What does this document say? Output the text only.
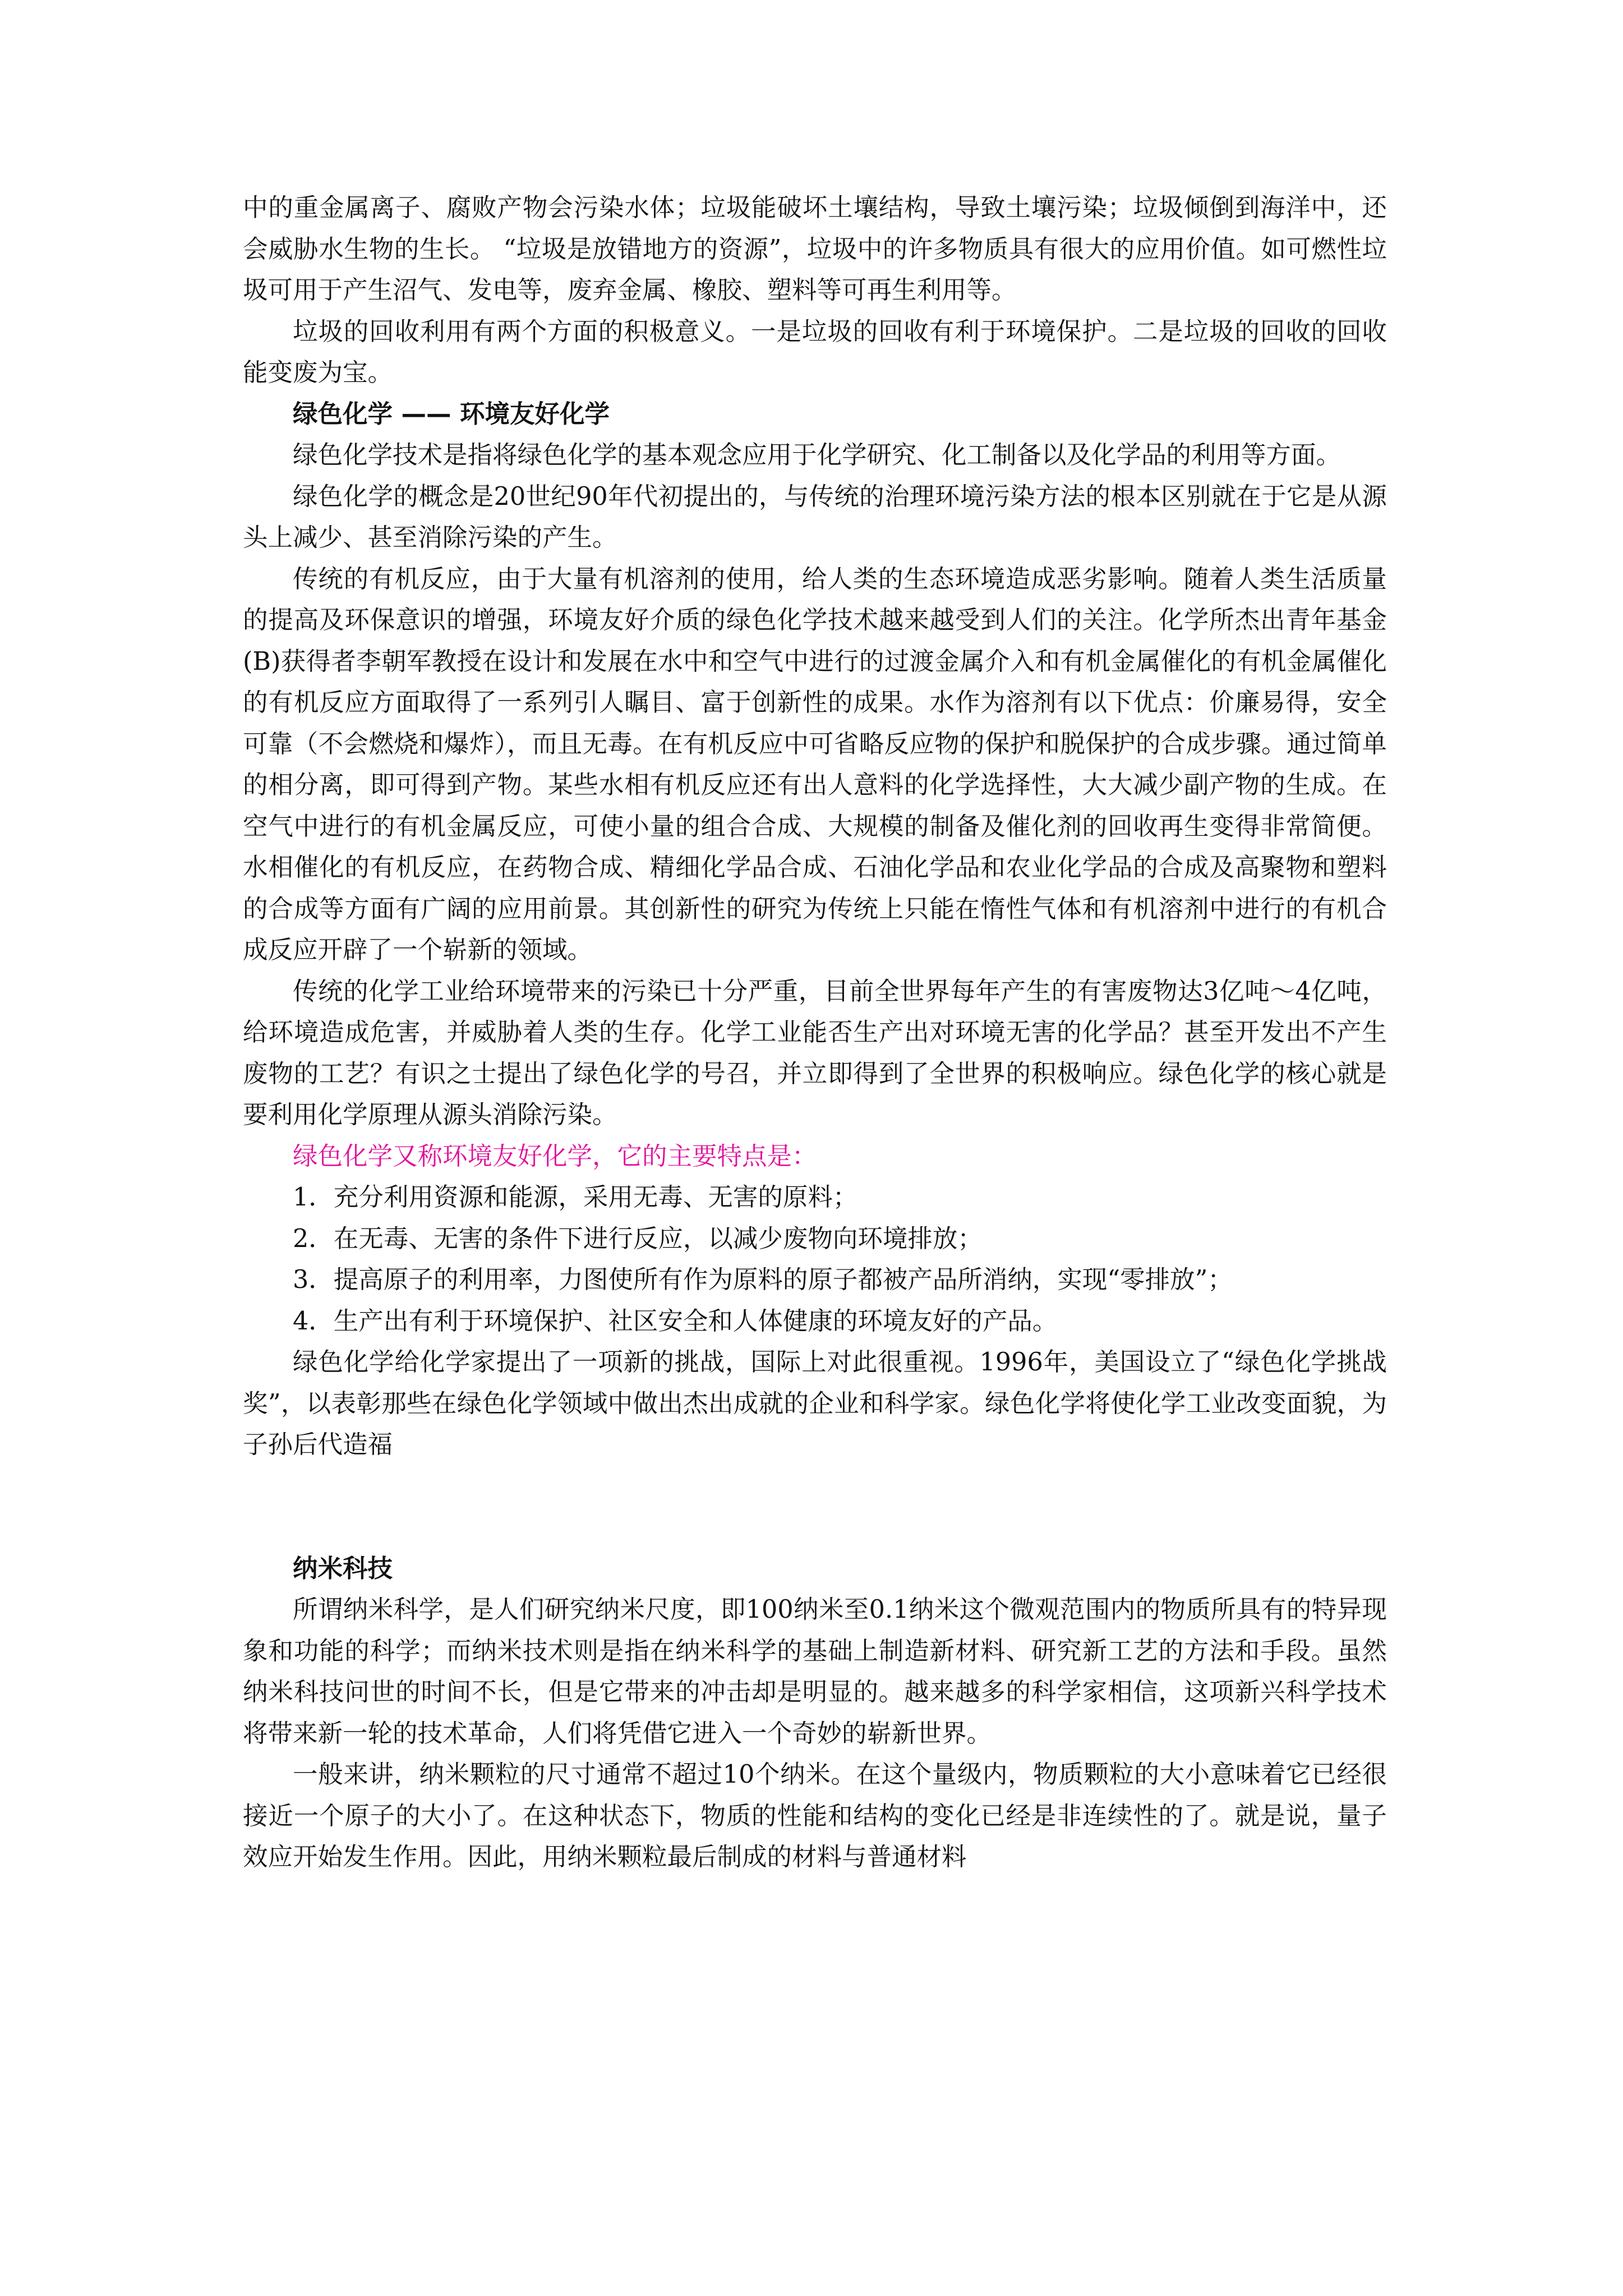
中的重金属离子、腐败产物会污染水体；垃圾能破坏土壤结构，导致土壤污染；垃圾倾倒到海洋中，还会威胁水生物的生长。 “垃圾是放错地方的资源”，垃圾中的许多物质具有很大的应用价值。如可燃性垃圾可用于产生沼气、发电等，废弃金属、橡胶、塑料等可再生利用等。

垃圾的回收利用有两个方面的积极意义。一是垃圾的回收有利于环境保护。二是垃圾的回收的回收能变废为宝。

绿色化学 —— 环境友好化学

绿色化学技术是指将绿色化学的基本观念应用于化学研究、化工制备以及化学品的利用等方面。

绿色化学的概念是20世纪90年代初提出的，与传统的治理环境污染方法的根本区别就在于它是从源头上减少、甚至消除污染的产生。

传统的有机反应，由于大量有机溶剂的使用，给人类的生态环境造成恶劣影响。随着人类生活质量的提高及环保意识的增强，环境友好介质的绿色化学技术越来越受到人们的关注。化学所杰出青年基金(B)获得者李朝军教授在设计和发展在水中和空气中进行的过渡金属介入和有机金属催化的有机金属催化的有机反应方面取得了一系列引人瞩目、富于创新性的成果。水作为溶剂有以下优点：价廉易得，安全可靠（不会燃烧和爆炸），而且无毒。在有机反应中可省略反应物的保护和脱保护的合成步骤。通过简单的相分离，即可得到产物。某些水相有机反应还有出人意料的化学选择性，大大减少副产物的生成。在空气中进行的有机金属反应，可使小量的组合合成、大规模的制备及催化剂的回收再生变得非常简便。水相催化的有机反应，在药物合成、精细化学品合成、石油化学品和农业化学品的合成及高聚物和塑料的合成等方面有广阔的应用前景。其创新性的研究为传统上只能在惰性气体和有机溶剂中进行的有机合成反应开辟了一个崭新的领域。

传统的化学工业给环境带来的污染已十分严重，目前全世界每年产生的有害废物达3亿吨～4亿吨，给环境造成危害，并威胁着人类的生存。化学工业能否生产出对环境无害的化学品？甚至开发出不产生废物的工艺？有识之士提出了绿色化学的号召，并立即得到了全世界的积极响应。绿色化学的核心就是要利用化学原理从源头消除污染。

绿色化学又称环境友好化学，它的主要特点是：

1．充分利用资源和能源，采用无毒、无害的原料；

2．在无毒、无害的条件下进行反应，以减少废物向环境排放；

3．提高原子的利用率，力图使所有作为原料的原子都被产品所消纳，实现“零排放”；

4．生产出有利于环境保护、社区安全和人体健康的环境友好的产品。

绿色化学给化学家提出了一项新的挑战，国际上对此很重视。1996年，美国设立了“绿色化学挑战奖”，以表彰那些在绿色化学领域中做出杰出成就的企业和科学家。绿色化学将使化学工业改变面貌，为子孙后代造福

纳米科技

所谓纳米科学，是人们研究纳米尺度，即100纳米至0.1纳米这个微观范围内的物质所具有的特异现象和功能的科学；而纳米技术则是指在纳米科学的基础上制造新材料、研究新工艺的方法和手段。虽然纳米科技问世的时间不长，但是它带来的冲击却是明显的。越来越多的科学家相信，这项新兴科学技术将带来新一轮的技术革命，人们将凭借它进入一个奇妙的崭新世界。

一般来讲，纳米颗粒的尺寸通常不超过10个纳米。在这个量级内，物质颗粒的大小意味着它已经很接近一个原子的大小了。在这种状态下，物质的性能和结构的变化已经是非连续性的了。就是说，量子效应开始发生作用。因此，用纳米颗粒最后制成的材料与普通材料
